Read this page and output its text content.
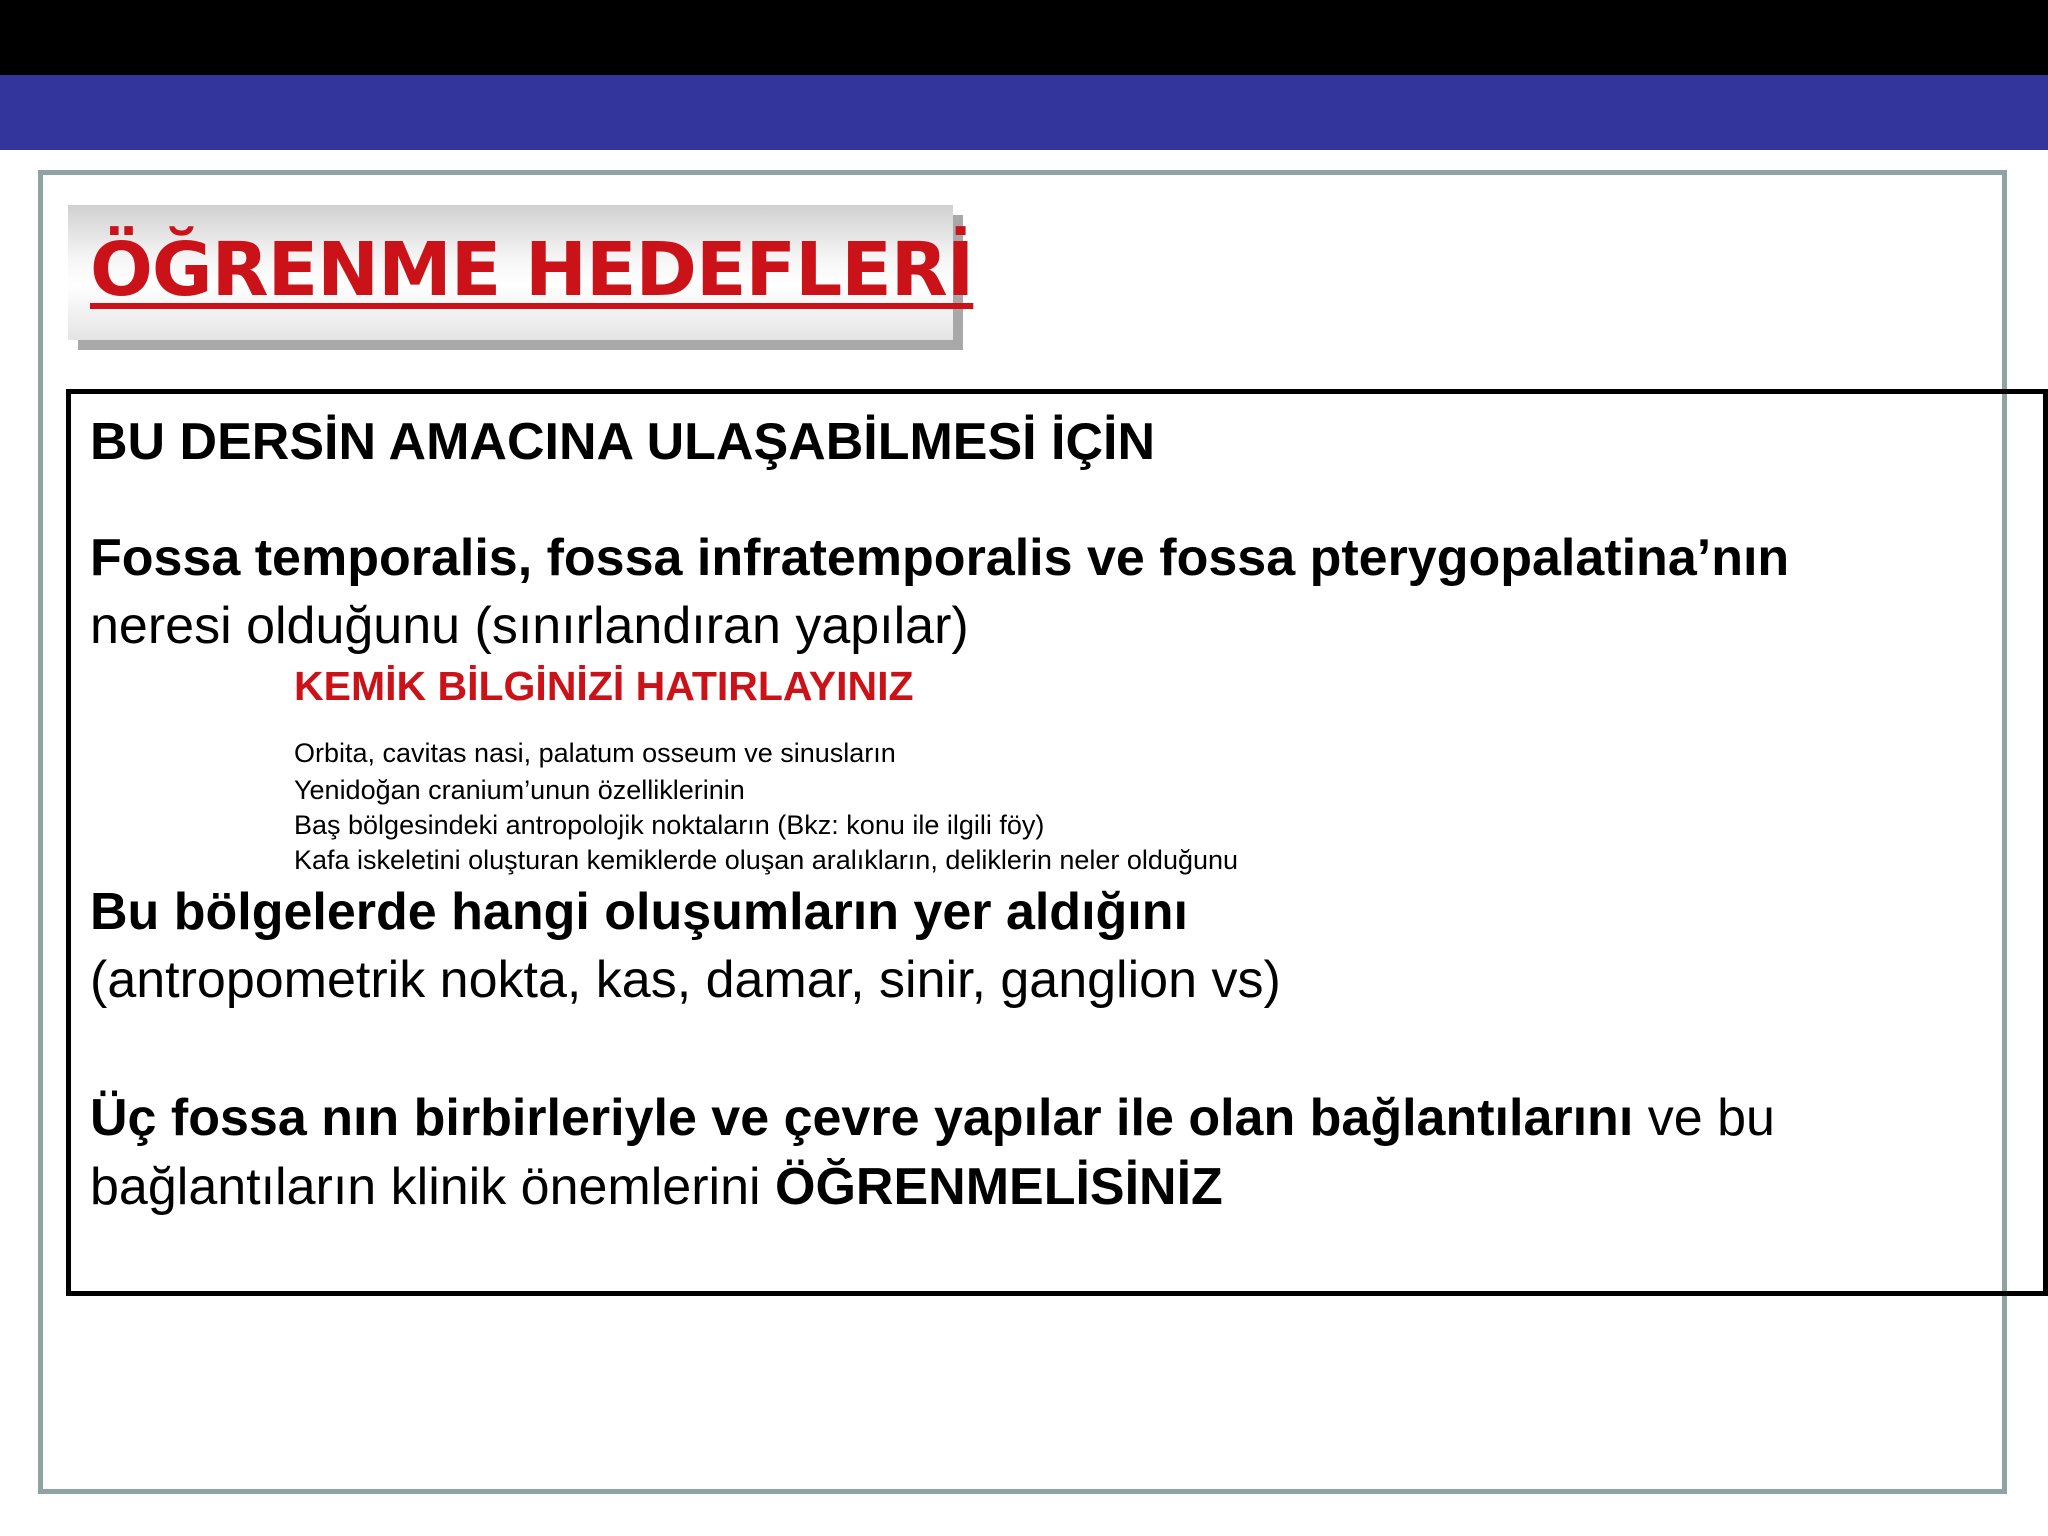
ÖĞRENME HEDEFLERİ
BU DERSİN AMACINA ULAŞABİLMESİ İÇİN
Fossa temporalis, fossa infratemporalis ve fossa pterygopalatina’nın
neresi olduğunu (sınırlandıran yapılar)
KEMİK BİLGİNİZİ HATIRLAYINIZ
Orbita, cavitas nasi, palatum osseum ve sinusların
Yenidoğan cranium’unun özelliklerinin
Baş bölgesindeki antropolojik noktaların (Bkz: konu ile ilgili föy)
Kafa iskeletini oluşturan kemiklerde oluşan aralıkların, deliklerin neler olduğunu
Bu bölgelerde hangi oluşumların yer aldığını
(antropometrik nokta, kas, damar, sinir, ganglion vs)
Üç fossa nın birbirleriyle ve çevre yapılar ile olan bağlantılarını ve bu
bağlantıların klinik önemlerini ÖĞRENMELİSİNİZ
